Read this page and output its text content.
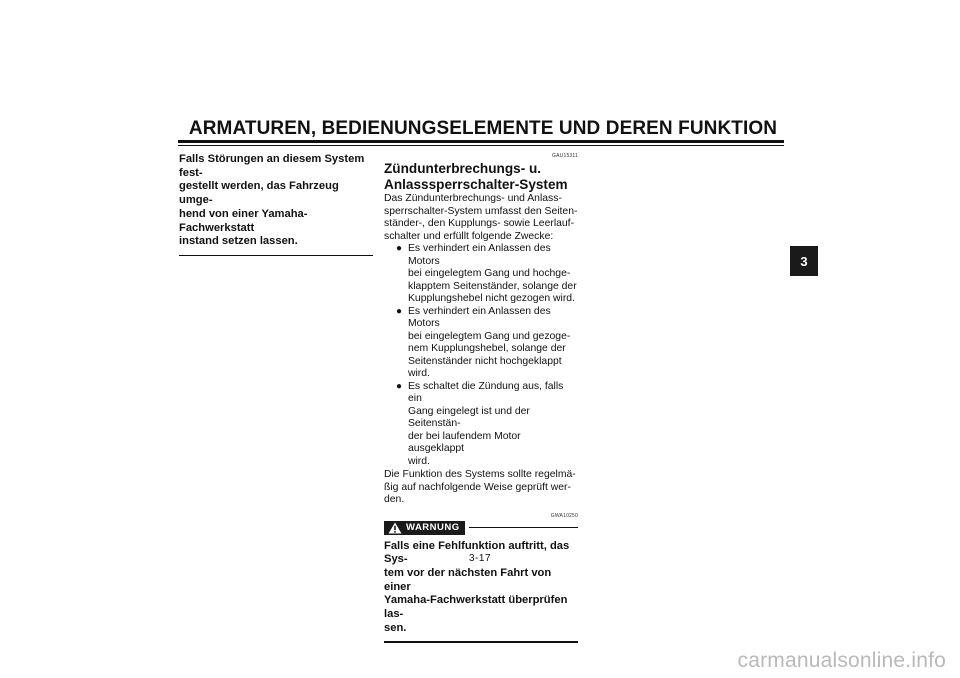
ARMATUREN, BEDIENUNGSELEMENTE UND DEREN FUNKTION
Falls Störungen an diesem System fest-
gestellt werden, das Fahrzeug umge-
hend von einer Yamaha-Fachwerkstatt
instand setzen lassen.
GAU15311
Zündunterbrechungs- u.
Anlasssperrschalter-System
Das Zündunterbrechungs- und Anlass-
sperrschalter-System umfasst den Seiten-
ständer-, den Kupplungs- sowie Leerlauf-
schalter und erfüllt folgende Zwecke:
● Es verhindert ein Anlassen des Motors
bei eingelegtem Gang und hochge-
klapptem Seitenständer, solange der
Kupplungshebel nicht gezogen wird.
● Es verhindert ein Anlassen des Motors
bei eingelegtem Gang und gezoge-
nem Kupplungshebel, solange der
Seitenständer nicht hochgeklappt
wird.
● Es schaltet die Zündung aus, falls ein
Gang eingelegt ist und der Seitenstän-
der bei laufendem Motor ausgeklappt
wird.
Die Funktion des Systems sollte regelmä-
ßig auf nachfolgende Weise geprüft wer-
den.
GWA10250
WARNUNG
Falls eine Fehlfunktion auftritt, das Sys-
tem vor der nächsten Fahrt von einer
Yamaha-Fachwerkstatt überprüfen las-
sen.
3-17
3
carmanualsonline.info
